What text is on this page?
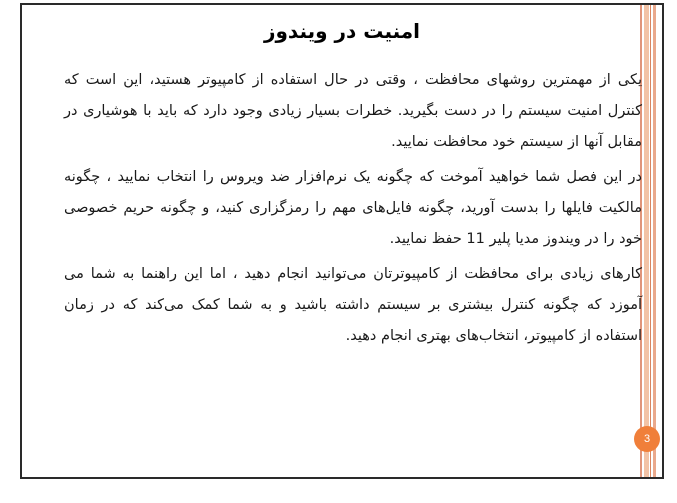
امنیت در ویندوز

یکی از مهمترین روشهای محافظت ، وقتی در حال استفاده از کامپیوتر هستید، این است که کنترل امنیت سیستم را در دست بگیرید. خطرات بسیار زیادی وجود دارد که باید با هوشیاری در مقابل آنها از سیستم خود محافظت نمایید.

در این فصل شما خواهید آموخت که چگونه یک نرم‌افزار ضد ویروس را انتخاب نمایید ، چگونه مالکیت فایلها را بدست آورید، چگونه فایل‌های مهم را رمزگزاری کنید، و چگونه حریم خصوصی خود را در ویندوز مدیا پلیر 11 حفظ نمایید.

کارهای زیادی برای محافظت از کامپیوترتان می‌توانید انجام دهید ، اما این راهنما به شما می آموزد که چگونه کنترل بیشتری بر سیستم داشته باشید و به شما کمک می‌کند که در زمان استفاده از کامپیوتر، انتخاب‌های بهتری انجام دهید.

3
